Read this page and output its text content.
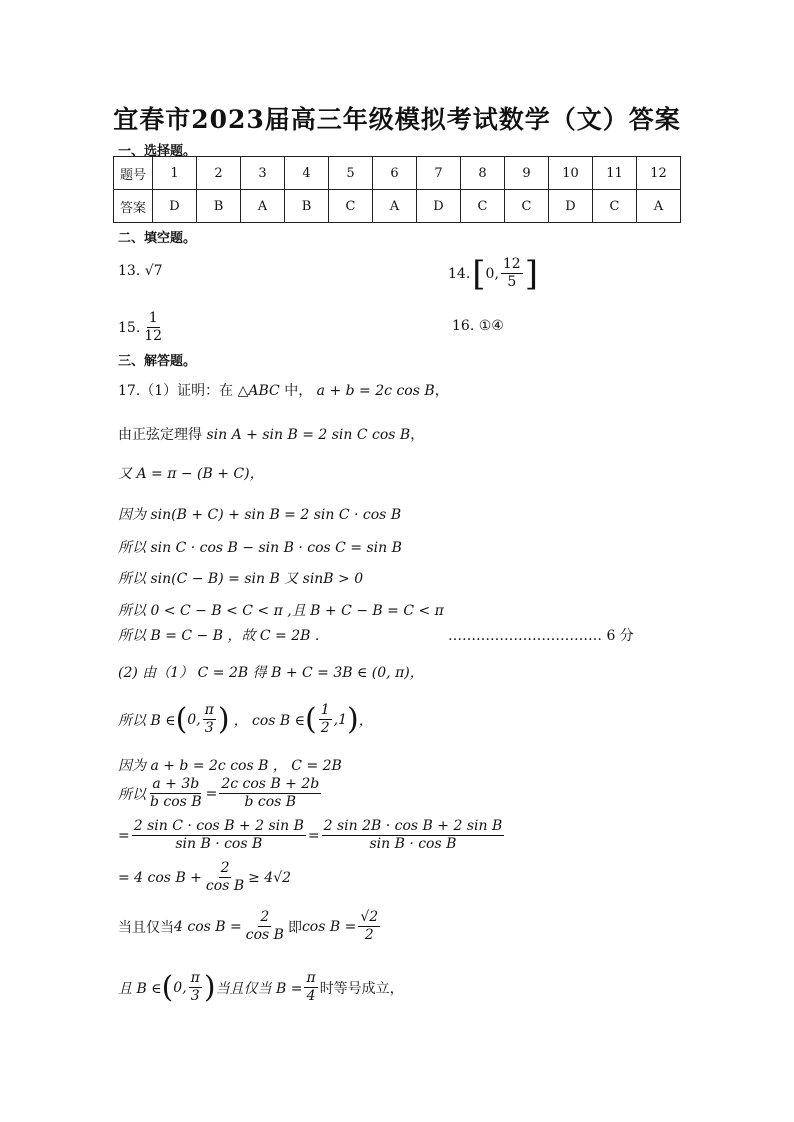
宜春市2023届高三年级模拟考试数学（文）答案
一、选择题。
题号	1	2	3	4	5	6	7	8	9	10	11	12
答案	D	B	A	B	C	A	D	C	C	D	C	A
二、填空题。
13. √7	14. [ 0, $\frac{12}{5}$ ]
15. $\frac{1}{12}$	16. ①④
三、解答题。
17.（1）证明：在 △ABC 中， a + b = 2c cos B，
由正弦定理得 sin A + sin B = 2 sin C cos B，
又 A = π − (B + C)，
因为 sin(B + C) + sin B = 2 sin C · cos B
所以 sin C · cos B − sin B · cos C = sin B
所以 sin(C − B) = sin B 又 sinB > 0
所以 0 < C − B < C < π ,且 B + C − B = C < π
所以 B = C − B ，故 C = 2B .	…………………………… 6 分
(2) 由（1） C = 2B 得 B + C = 3B ∈ (0, π)，
所以 B ∈ ( 0, $\frac{\pi}{3}$ ) ， cos B ∈ ( $\frac{1}{2} ,1$ ) ，
因为 a + b = 2c cos B ， C = 2B
所以 $\frac{a + 3b}{\text{b cos B}} = \frac{\text{2c cos B + 2b}}{\text{b cos B}}$
= $\frac{\text{2 sin C · cos B + 2 sin B}}{\text{sin B · cos B}} = \frac{\text{2 sin 2B · cos B + 2 sin B}}{\text{sin B · cos B}}$
= 4 $\cos B + \frac{2}{\text{cos B}} \ge 4√2$
当且仅当 4 $\cos B = \frac{2}{\text{cos B}}$ 即 $\cos B = \frac{√2}{2}$
且 B ∈ ( 0, $\frac{\pi}{3}$ ) 当且仅当 $B = \frac{\pi}{4}$ 时等号成立，
